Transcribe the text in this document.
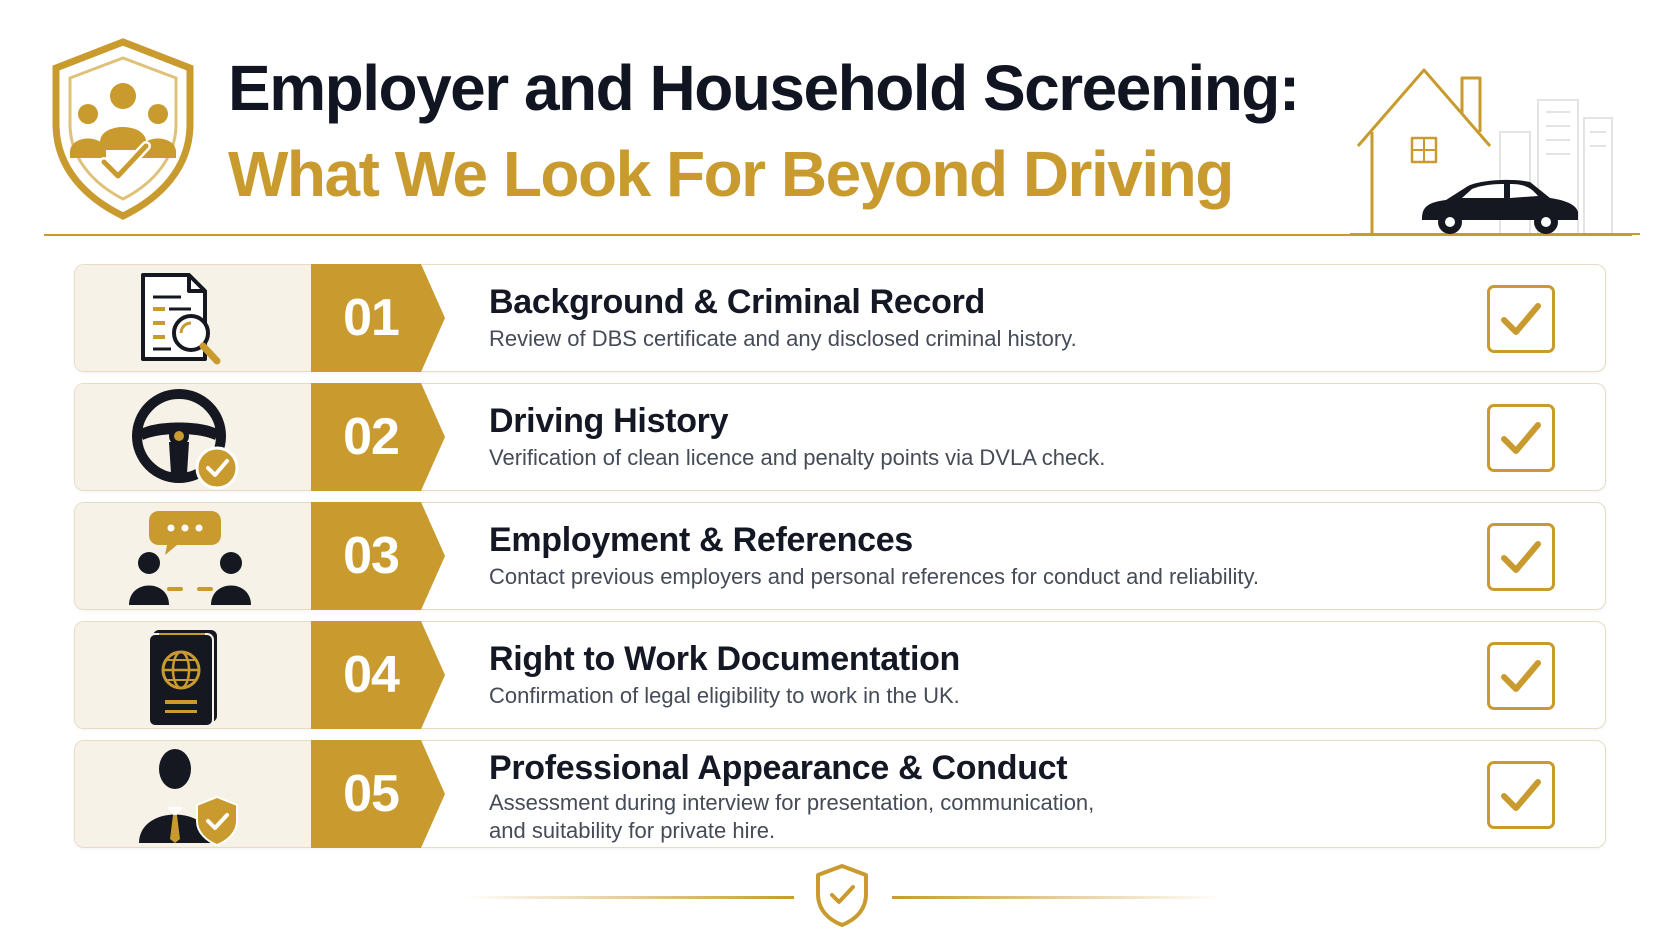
Employer and Household Screening:
What We Look For Beyond Driving
01	Background & Criminal Record
Review of DBS certificate and any disclosed criminal history.
02	Driving History
Verification of clean licence and penalty points via DVLA check.
03	Employment & References
Contact previous employers and personal references for conduct and reliability.
04	Right to Work Documentation
Confirmation of legal eligibility to work in the UK.
05	Professional Appearance & Conduct
Assessment during interview for presentation, communication,
and suitability for private hire.
